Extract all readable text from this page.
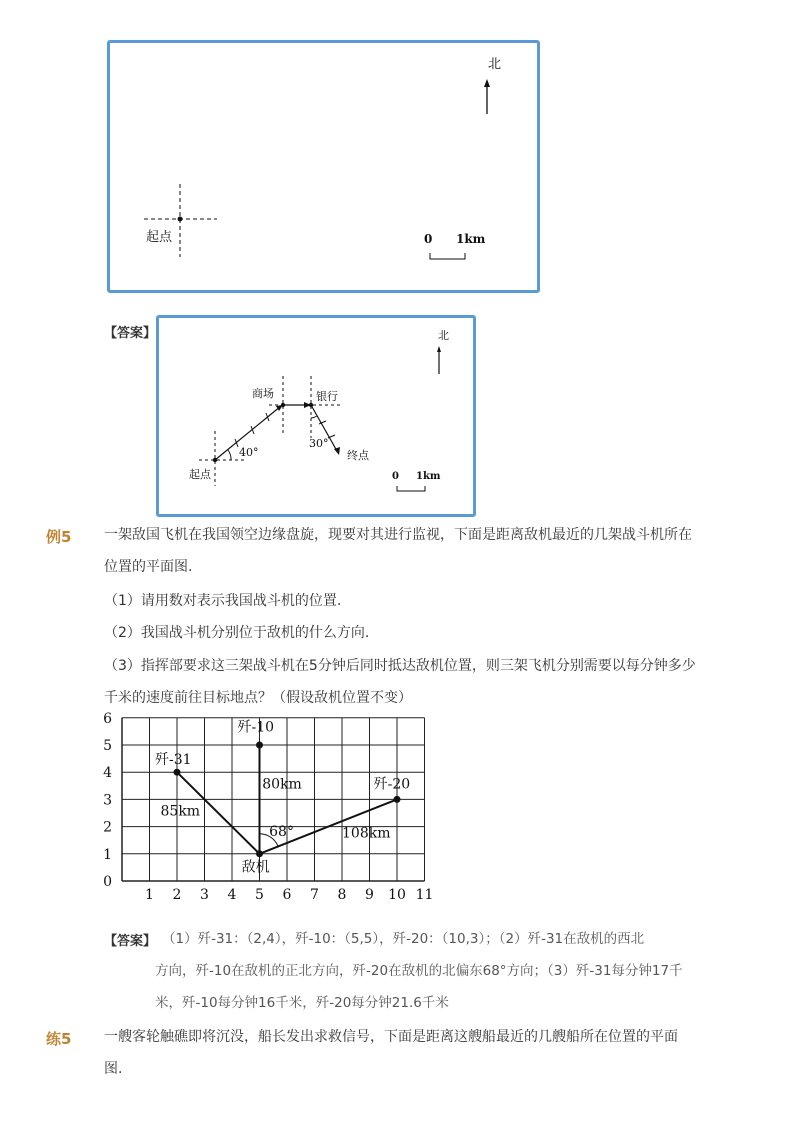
北
起点	0 1km
【答案】	北
起点
40°
商场	银行
30°
终点
0 1km
例5 一架敌国飞机在我国领空边缘盘旋，现要对其进行监视，下面是距离敌机最近的几架战斗机所在
位置的平面图.
（1）请用数对表示我国战斗机的位置.
（2）我国战斗机分别位于敌机的什么方向.
（3）指挥部要求这三架战斗机在5分钟后同时抵达敌机位置，则三架飞机分别需要以每分钟多少
千米的速度前往目标地点？（假设敌机位置不变）
1 2 3 4 5 6 7 8 9 10 11
0
1
2
3
4
5
6
歼-31
歼-10
歼-20
敌机
85km
80km
108km
68°
【答案】 （1）歼-31：（2,4），歼-10：（5,5），歼-20：（10,3）；（2）歼-31在敌机的西北
方向，歼-10在敌机的正北方向，歼-20在敌机的北偏东68°方向；（3）歼-31每分钟17千
米，歼-10每分钟16千米，歼-20每分钟21.6千米
练5 一艘客轮触礁即将沉没，船长发出求救信号，下面是距离这艘船最近的几艘船所在位置的平面
图.
